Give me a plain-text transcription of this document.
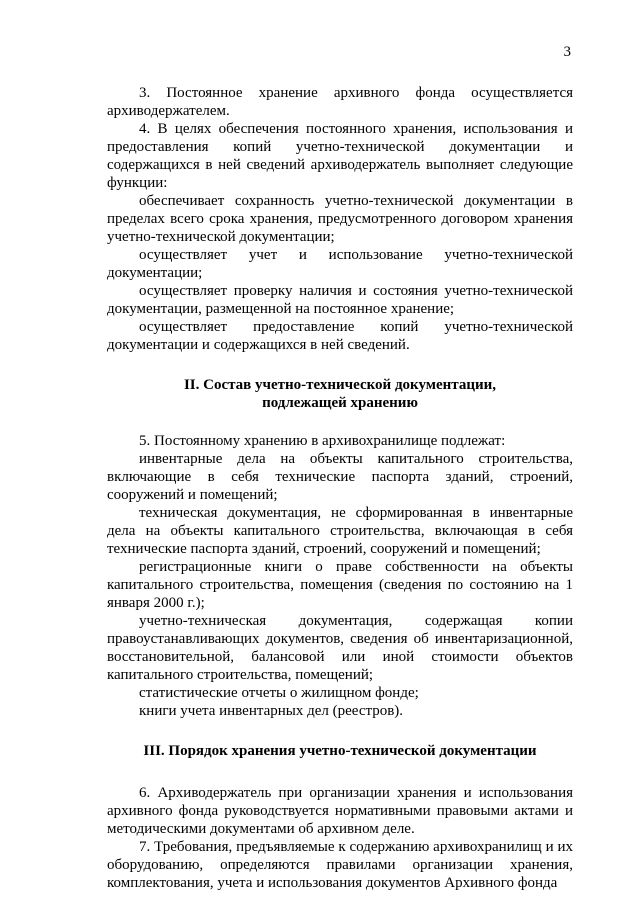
3

3. Постоянное хранение архивного фонда осуществляется архиводержателем.

4. В целях обеспечения постоянного хранения, использования и предоставления копий учетно-технической документации и содержащихся в ней сведений архиводержатель выполняет следующие функции:

обеспечивает сохранность учетно-технической документации в пределах всего срока хранения, предусмотренного договором хранения учетно-технической документации;

осуществляет учет и использование учетно-технической документации;

осуществляет проверку наличия и состояния учетно-технической документации, размещенной на постоянное хранение;

осуществляет предоставление копий учетно-технической документации и содержащихся в ней сведений.

II. Состав учетно-технической документации,
подлежащей хранению

5. Постоянному хранению в архивохранилище подлежат:

инвентарные дела на объекты капитального строительства, включающие в себя технические паспорта зданий, строений, сооружений и помещений;

техническая документация, не сформированная в инвентарные дела на объекты капитального строительства, включающая в себя технические паспорта зданий, строений, сооружений и помещений;

регистрационные книги о праве собственности на объекты капитального строительства, помещения (сведения по состоянию на 1 января 2000 г.);

учетно-техническая документация, содержащая копии правоустанавливающих документов, сведения об инвентаризационной, восстановительной, балансовой или иной стоимости объектов капитального строительства, помещений;

статистические отчеты о жилищном фонде;

книги учета инвентарных дел (реестров).

III. Порядок хранения учетно-технической документации

6. Архиводержатель при организации хранения и использования архивного фонда руководствуется нормативными правовыми актами и методическими документами об архивном деле.

7. Требования, предъявляемые к содержанию архивохранилищ и их оборудованию, определяются правилами организации хранения, комплектования, учета и использования документов Архивного фонда
